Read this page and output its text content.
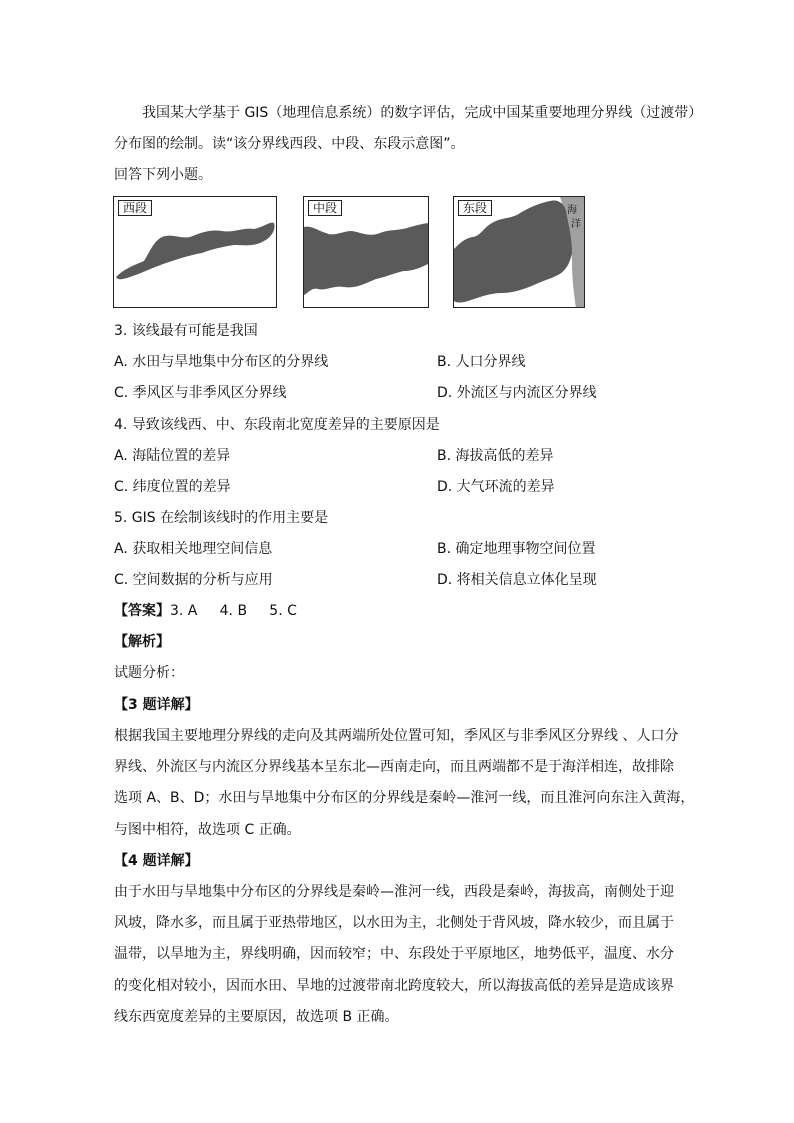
我国某大学基于 GIS（地理信息系统）的数字评估，完成中国某重要地理分界线（过渡带）
分布图的绘制。读“该分界线西段、中段、东段示意图”。
回答下列小题。
西段	中段	东段	海
洋
3. 该线最有可能是我国
A. 水田与旱地集中分布区的分界线	B. 人口分界线
C. 季风区与非季风区分界线	D. 外流区与内流区分界线
4. 导致该线西、中、东段南北宽度差异的主要原因是
A. 海陆位置的差异	B. 海拔高低的差异
C. 纬度位置的差异	D. 大气环流的差异
5. GIS 在绘制该线时的作用主要是
A. 获取相关地理空间信息	B. 确定地理事物空间位置
C. 空间数据的分析与应用	D. 将相关信息立体化呈现
【答案】3. A     4. B     5. C
【解析】
试题分析：
【3 题详解】
根据我国主要地理分界线的走向及其两端所处位置可知，季风区与非季风区分界线 、人口分
界线、外流区与内流区分界线基本呈东北—西南走向，而且两端都不是于海洋相连，故排除
选项 A、B、D；水田与旱地集中分布区的分界线是秦岭—淮河一线，而且淮河向东注入黄海，
与图中相符，故选项 C 正确。
【4 题详解】
由于水田与旱地集中分布区的分界线是秦岭—淮河一线，西段是秦岭，海拔高，南侧处于迎
风坡，降水多，而且属于亚热带地区，以水田为主，北侧处于背风坡，降水较少，而且属于
温带，以旱地为主，界线明确，因而较窄；中、东段处于平原地区，地势低平，温度、水分
的变化相对较小，因而水田、旱地的过渡带南北跨度较大，所以海拔高低的差异是造成该界
线东西宽度差异的主要原因，故选项 B 正确。
